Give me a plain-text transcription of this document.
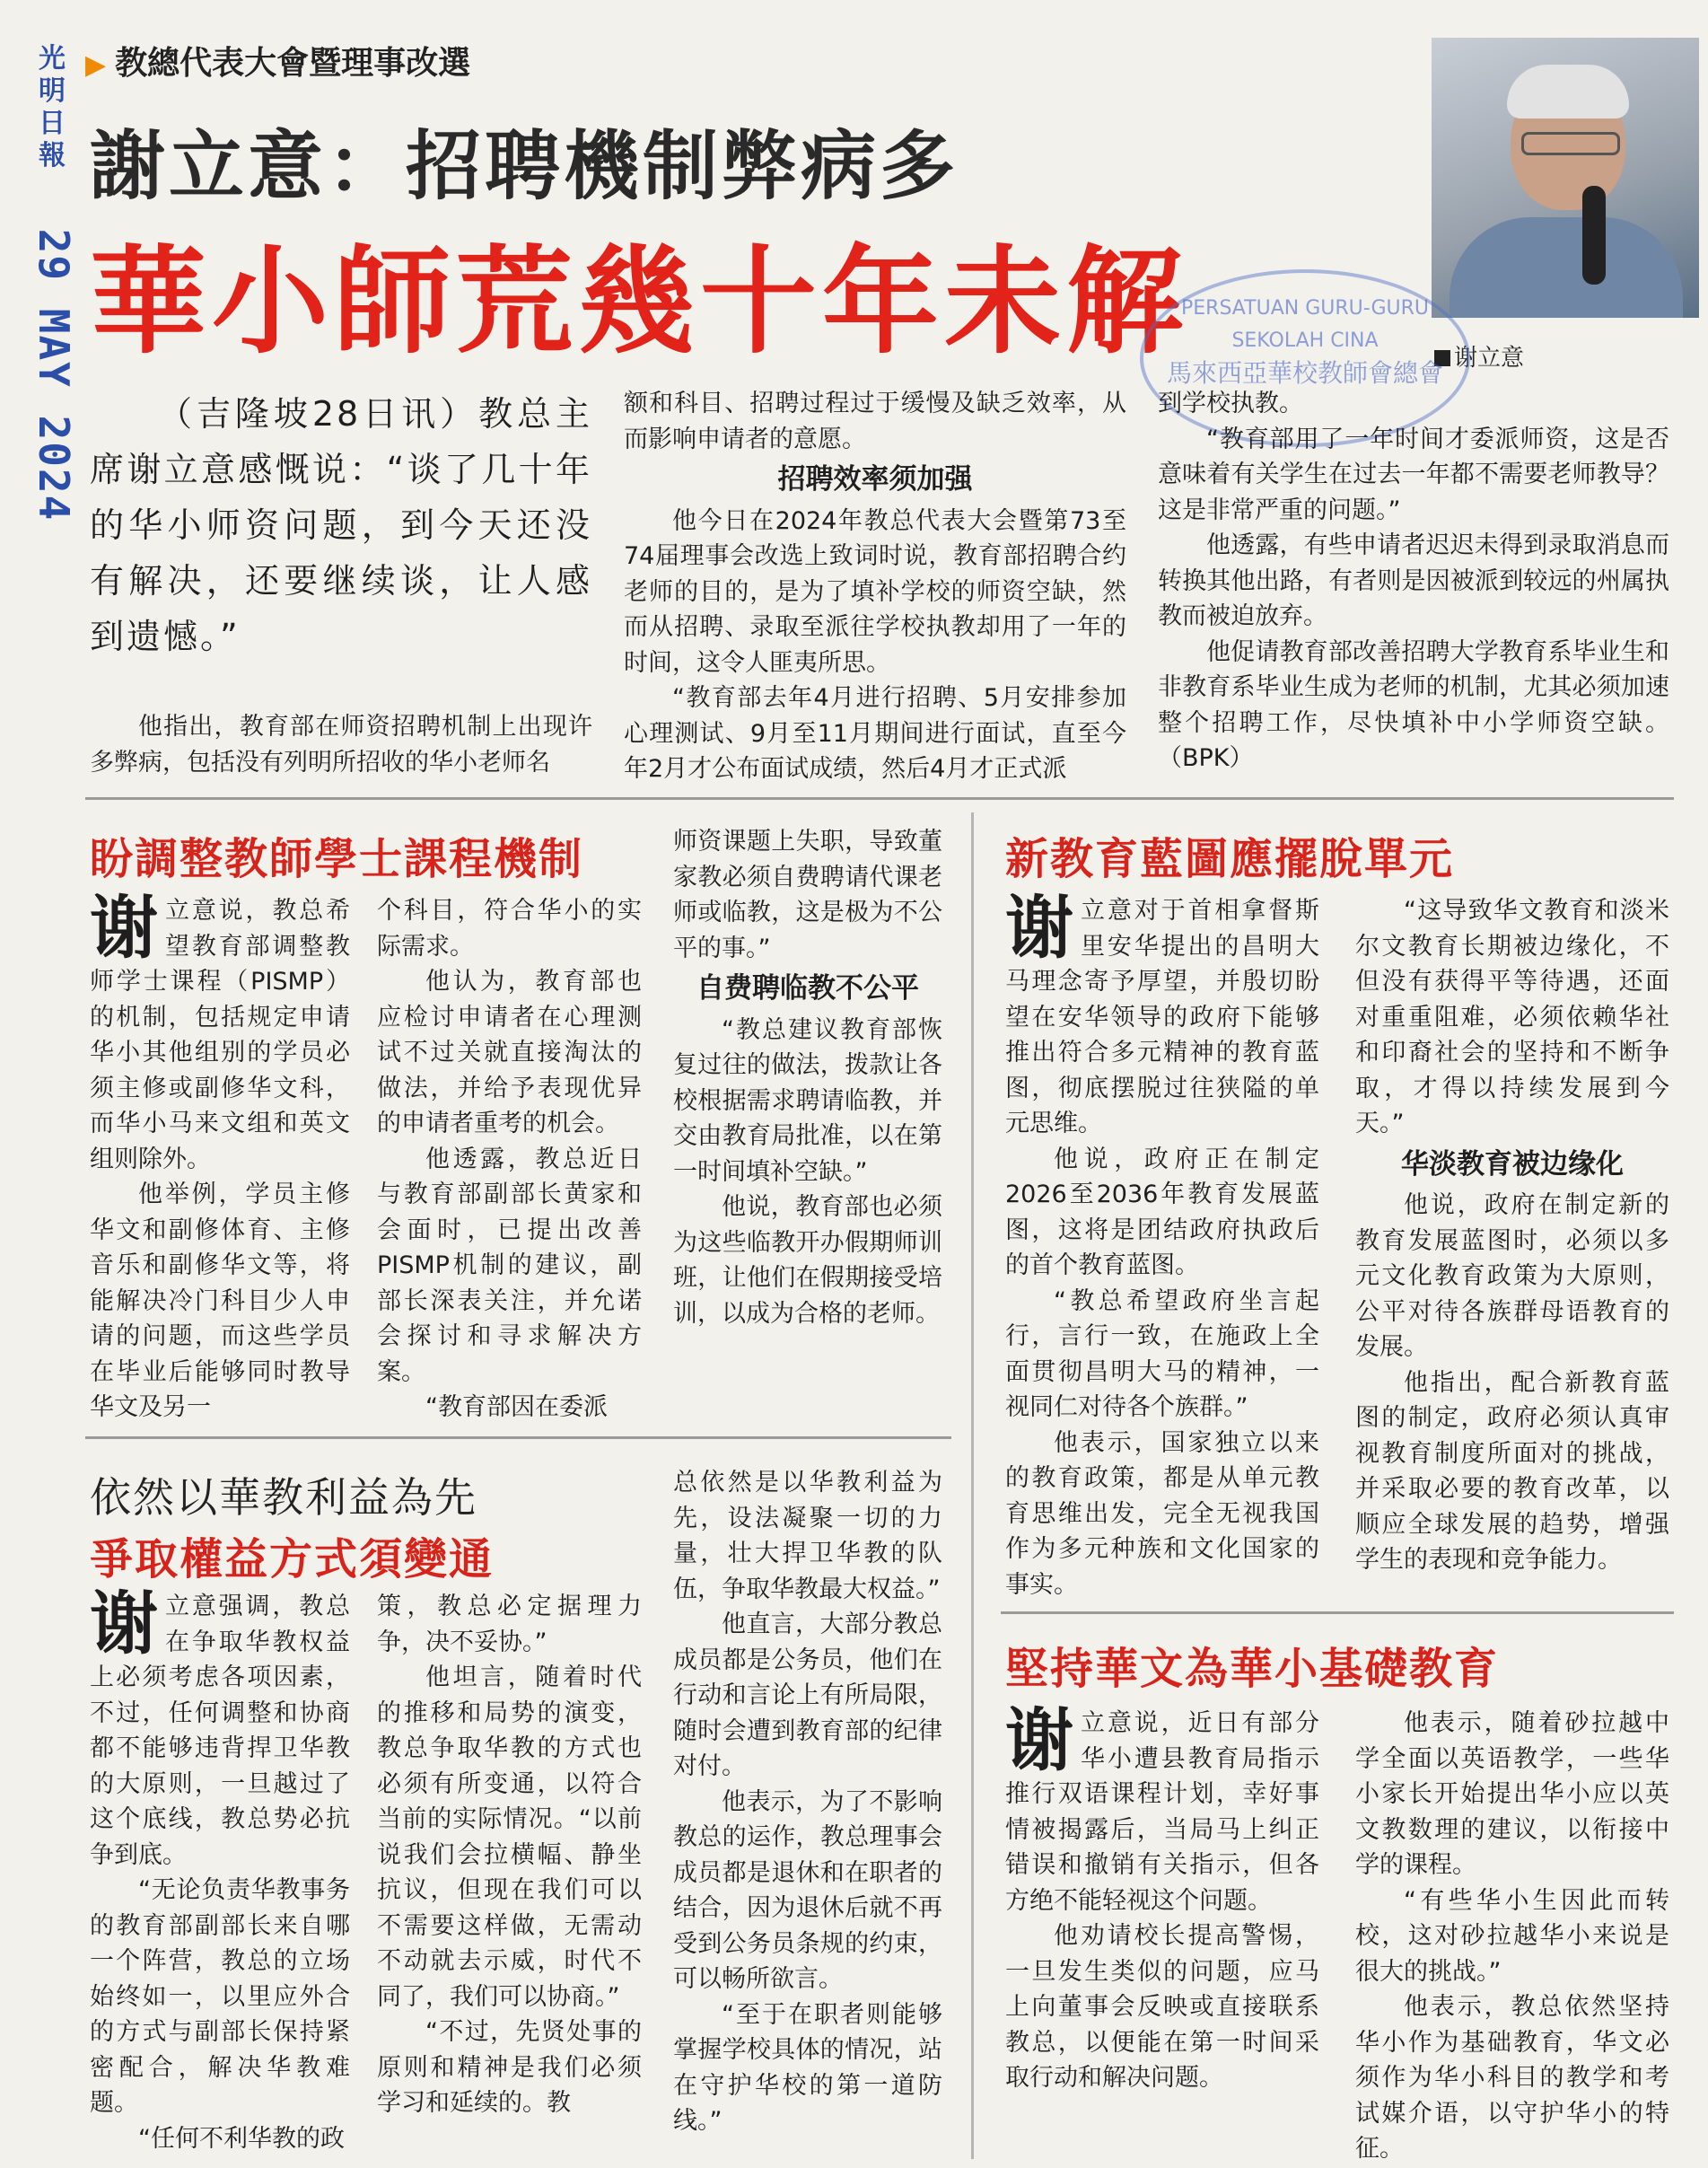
光明日報
29 MAY 2024
▶ 教總代表大會暨理事改選
謝立意：招聘機制弊病多
華小師荒幾十年未解	谢立意
PERSATUAN GURU-GURU SEKOLAH CINA
馬來西亞華校教師會總會

（吉隆坡28日讯）教总主席谢立意感慨说：“谈了几十年的华小师资问题，到今天还没有解决，还要继续谈，让人感到遗憾。”

他指出，教育部在师资招聘机制上出现许多弊病，包括没有列明所招收的华小老师名

额和科目、招聘过程过于缓慢及缺乏效率，从而影响申请者的意愿。

招聘效率须加强

他今日在2024年教总代表大会暨第73至74届理事会改选上致词时说，教育部招聘合约老师的目的，是为了填补学校的师资空缺，然而从招聘、录取至派往学校执教却用了一年的时间，这令人匪夷所思。

“教育部去年4月进行招聘、5月安排参加心理测试、9月至11月期间进行面试，直至今年2月才公布面试成绩，然后4月才正式派

到学校执教。

“教育部用了一年时间才委派师资，这是否意味着有关学生在过去一年都不需要老师教导？这是非常严重的问题。”

他透露，有些申请者迟迟未得到录取消息而转换其他出路，有者则是因被派到较远的州属执教而被迫放弃。

他促请教育部改善招聘大学教育系毕业生和非教育系毕业生成为老师的机制，尤其必须加速整个招聘工作，尽快填补中小学师资空缺。（BPK）

盼調整教師學士課程機制

谢立意说，教总希望教育部调整教师学士课程（PISMP）的机制，包括规定申请华小其他组别的学员必须主修或副修华文科，而华小马来文组和英文组则除外。

他举例，学员主修华文和副修体育、主修音乐和副修华文等，将能解决冷门科目少人申请的问题，而这些学员在毕业后能够同时教导华文及另一

个科目，符合华小的实际需求。

他认为，教育部也应检讨申请者在心理测试不过关就直接淘汰的做法，并给予表现优异的申请者重考的机会。

他透露，教总近日与教育部副部长黄家和会面时，已提出改善PISMP机制的建议，副部长深表关注，并允诺会探讨和寻求解决方案。

“教育部因在委派

师资课题上失职，导致董家教必须自费聘请代课老师或临教，这是极为不公平的事。”

自费聘临教不公平

“教总建议教育部恢复过往的做法，拨款让各校根据需求聘请临教，并交由教育局批准，以在第一时间填补空缺。”

他说，教育部也必须为这些临教开办假期师训班，让他们在假期接受培训，以成为合格的老师。

依然以華教利益為先
爭取權益方式須變通

谢立意强调，教总在争取华教权益上必须考虑各项因素，不过，任何调整和协商都不能够违背捍卫华教的大原则，一旦越过了这个底线，教总势必抗争到底。

“无论负责华教事务的教育部副部长来自哪一个阵营，教总的立场始终如一，以里应外合的方式与副部长保持紧密配合，解决华教难题。

“任何不利华教的政

策，教总必定据理力争，决不妥协。”

他坦言，随着时代的推移和局势的演变，教总争取华教的方式也必须有所变通，以符合当前的实际情况。“以前说我们会拉横幅、静坐抗议，但现在我们可以不需要这样做，无需动不动就去示威，时代不同了，我们可以协商。”

“不过，先贤处事的原则和精神是我们必须学习和延续的。教

总依然是以华教利益为先，设法凝聚一切的力量，壮大捍卫华教的队伍，争取华教最大权益。”

他直言，大部分教总成员都是公务员，他们在行动和言论上有所局限，随时会遭到教育部的纪律对付。

他表示，为了不影响教总的运作，教总理事会成员都是退休和在职者的结合，因为退休后就不再受到公务员条规的约束，可以畅所欲言。

“至于在职者则能够掌握学校具体的情况，站在守护华校的第一道防线。”

新教育藍圖應擺脫單元

谢立意对于首相拿督斯里安华提出的昌明大马理念寄予厚望，并殷切盼望在安华领导的政府下能够推出符合多元精神的教育蓝图，彻底摆脱过往狭隘的单元思维。

他说，政府正在制定2026至2036年教育发展蓝图，这将是团结政府执政后的首个教育蓝图。

“教总希望政府坐言起行，言行一致，在施政上全面贯彻昌明大马的精神，一视同仁对待各个族群。”

他表示，国家独立以来的教育政策，都是从单元教育思维出发，完全无视我国作为多元种族和文化国家的事实。

“这导致华文教育和淡米尔文教育长期被边缘化，不但没有获得平等待遇，还面对重重阻难，必须依赖华社和印裔社会的坚持和不断争取，才得以持续发展到今天。”

华淡教育被边缘化

他说，政府在制定新的教育发展蓝图时，必须以多元文化教育政策为大原则，公平对待各族群母语教育的发展。

他指出，配合新教育蓝图的制定，政府必须认真审视教育制度所面对的挑战，并采取必要的教育改革，以顺应全球发展的趋势，增强学生的表现和竞争能力。

堅持華文為華小基礎教育

谢立意说，近日有部分华小遭县教育局指示推行双语课程计划，幸好事情被揭露后，当局马上纠正错误和撤销有关指示，但各方绝不能轻视这个问题。

他劝请校长提高警惕，一旦发生类似的问题，应马上向董事会反映或直接联系教总，以便能在第一时间采取行动和解决问题。

他表示，随着砂拉越中学全面以英语教学，一些华小家长开始提出华小应以英文教数理的建议，以衔接中学的课程。

“有些华小生因此而转校，这对砂拉越华小来说是很大的挑战。”

他表示，教总依然坚持华小作为基础教育，华文必须作为华小科目的教学和考试媒介语，以守护华小的特征。
